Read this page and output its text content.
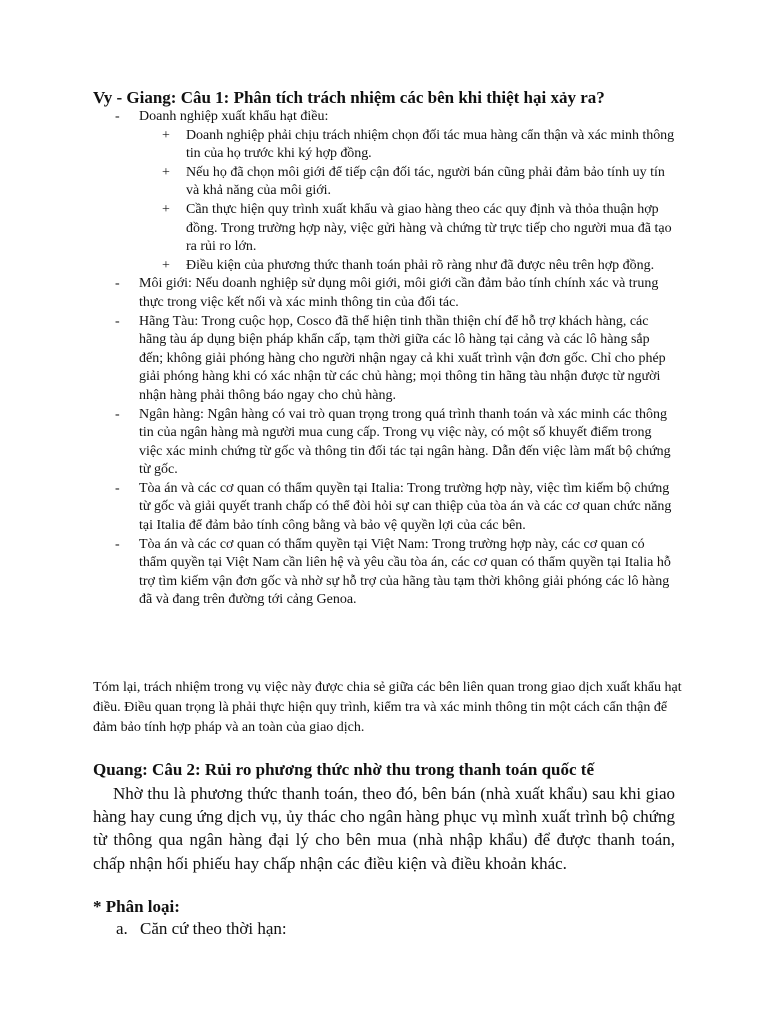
Vy - Giang: Câu 1: Phân tích trách nhiệm các bên khi thiệt hại xảy ra?
- Doanh nghiệp xuất khẩu hạt điều:
+ Doanh nghiệp phải chịu trách nhiệm chọn đối tác mua hàng cẩn thận và xác minh thông tin của họ trước khi ký hợp đồng.
+ Nếu họ đã chọn môi giới để tiếp cận đối tác, người bán cũng phải đảm bảo tính uy tín và khả năng của môi giới.
+ Cần thực hiện quy trình xuất khẩu và giao hàng theo các quy định và thỏa thuận hợp đồng. Trong trường hợp này, việc gửi hàng và chứng từ trực tiếp cho người mua đã tạo ra rủi ro lớn.
+ Điều kiện của phương thức thanh toán phải rõ ràng như đã được nêu trên hợp đồng.
- Môi giới: Nếu doanh nghiệp sử dụng môi giới, môi giới cần đảm bảo tính chính xác và trung thực trong việc kết nối và xác minh thông tin của đối tác.
- Hãng Tàu: Trong cuộc họp, Cosco đã thể hiện tinh thần thiện chí để hỗ trợ khách hàng, các hãng tàu áp dụng biện pháp khẩn cấp, tạm thời giữa các lô hàng tại cảng và các lô hàng sắp đến; không giải phóng hàng cho người nhận ngay cả khi xuất trình vận đơn gốc. Chỉ cho phép giải phóng hàng khi có xác nhận từ các chủ hàng; mọi thông tin hãng tàu nhận được từ người nhận hàng phải thông báo ngay cho chủ hàng.
- Ngân hàng: Ngân hàng có vai trò quan trọng trong quá trình thanh toán và xác minh các thông tin của ngân hàng mà người mua cung cấp. Trong vụ việc này, có một số khuyết điểm trong việc xác minh chứng từ gốc và thông tin đối tác tại ngân hàng. Dẫn đến việc làm mất bộ chứng từ gốc.
- Tòa án và các cơ quan có thẩm quyền tại Italia: Trong trường hợp này, việc tìm kiếm bộ chứng từ gốc và giải quyết tranh chấp có thể đòi hỏi sự can thiệp của tòa án và các cơ quan chức năng tại Italia để đảm bảo tính công bằng và bảo vệ quyền lợi của các bên.
- Tòa án và các cơ quan có thẩm quyền tại Việt Nam: Trong trường hợp này, các cơ quan có thẩm quyền tại Việt Nam cần liên hệ và yêu cầu tòa án, các cơ quan có thẩm quyền tại Italia hỗ trợ tìm kiếm vận đơn gốc và nhờ sự hỗ trợ của hãng tàu tạm thời không giải phóng các lô hàng đã và đang trên đường tới cảng Genoa.
Tóm lại, trách nhiệm trong vụ việc này được chia sẻ giữa các bên liên quan trong giao dịch xuất khẩu hạt điều. Điều quan trọng là phải thực hiện quy trình, kiểm tra và xác minh thông tin một cách cẩn thận để đảm bảo tính hợp pháp và an toàn của giao dịch.
Quang: Câu 2: Rủi ro phương thức nhờ thu trong thanh toán quốc tế
Nhờ thu là phương thức thanh toán, theo đó, bên bán (nhà xuất khẩu) sau khi giao hàng hay cung ứng dịch vụ, ủy thác cho ngân hàng phục vụ mình xuất trình bộ chứng từ thông qua ngân hàng đại lý cho bên mua (nhà nhập khẩu) để được thanh toán, chấp nhận hối phiếu hay chấp nhận các điều kiện và điều khoản khác.
* Phân loại:
a. Căn cứ theo thời hạn:
